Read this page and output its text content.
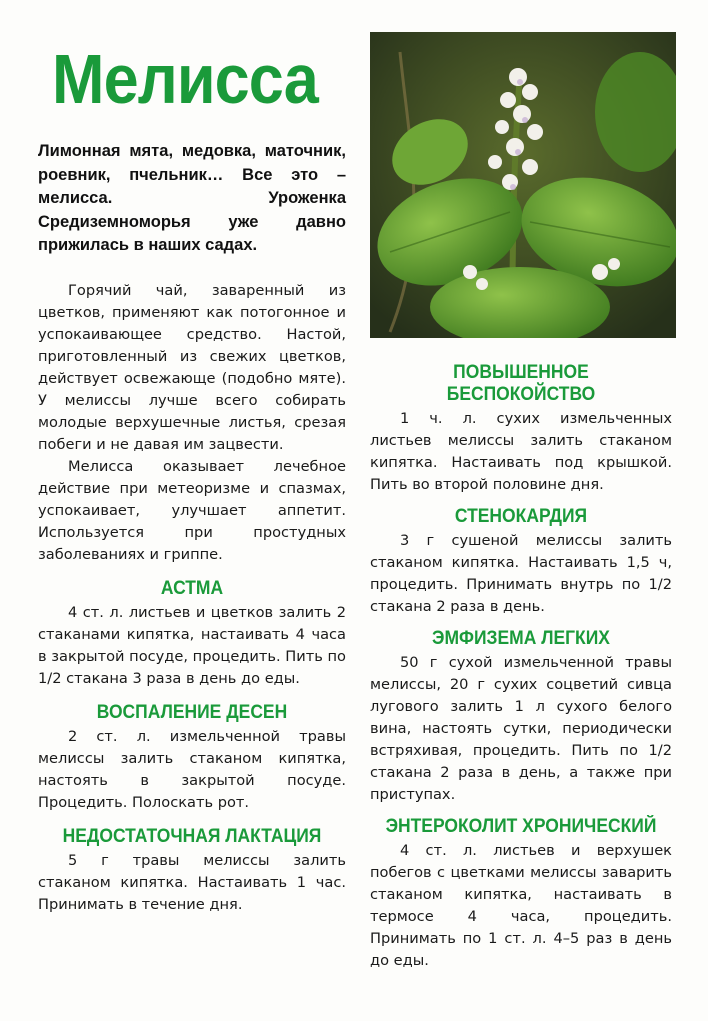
Мелисса

Лимонная мята, медовка, маточник, роевник, пчельник… Все это – мелисса. Уроженка Средиземноморья уже давно прижилась в наших садах.

Горячий чай, заваренный из цветков, применяют как потогонное и успокаивающее средство. Настой, приготовленный из свежих цветков, действует освежающе (подобно мяте). У мелиссы лучше всего собирать молодые верхушечные листья, срезая побеги и не давая им зацвести.

Мелисса оказывает лечебное действие при метеоризме и спазмах, успокаивает, улучшает аппетит. Используется при простудных заболеваниях и гриппе.

АСТМА

4 ст. л. листьев и цветков залить 2 стаканами кипятка, настаивать 4 часа в закрытой посуде, процедить. Пить по 1/2 стакана 3 раза в день до еды.

ВОСПАЛЕНИЕ ДЕСЕН

2 ст. л. измельченной травы мелиссы залить стаканом кипятка, настоять в закрытой посуде. Процедить. Полоскать рот.

НЕДОСТАТОЧНАЯ ЛАКТАЦИЯ

5 г травы мелиссы залить стаканом кипятка. Настаивать 1 час. Принимать в течение дня.

ПОВЫШЕННОЕ БЕСПОКОЙСТВО

1 ч. л. сухих измельченных листьев мелиссы залить стаканом кипятка. Настаивать под крышкой. Пить во второй половине дня.

СТЕНОКАРДИЯ

3 г сушеной мелиссы залить стаканом кипятка. Настаивать 1,5 ч, процедить. Принимать внутрь по 1/2 стакана 2 раза в день.

ЭМФИЗЕМА ЛЕГКИХ

50 г сухой измельченной травы мелиссы, 20 г сухих соцветий сивца лугового залить 1 л сухого белого вина, настоять сутки, периодически встряхивая, процедить. Пить по 1/2 стакана 2 раза в день, а также при приступах.

ЭНТЕРОКОЛИТ ХРОНИЧЕСКИЙ

4 ст. л. листьев и верхушек побегов с цветками мелиссы заварить стаканом кипятка, настаивать в термосе 4 часа, процедить. Принимать по 1 ст. л. 4–5 раз в день до еды.
